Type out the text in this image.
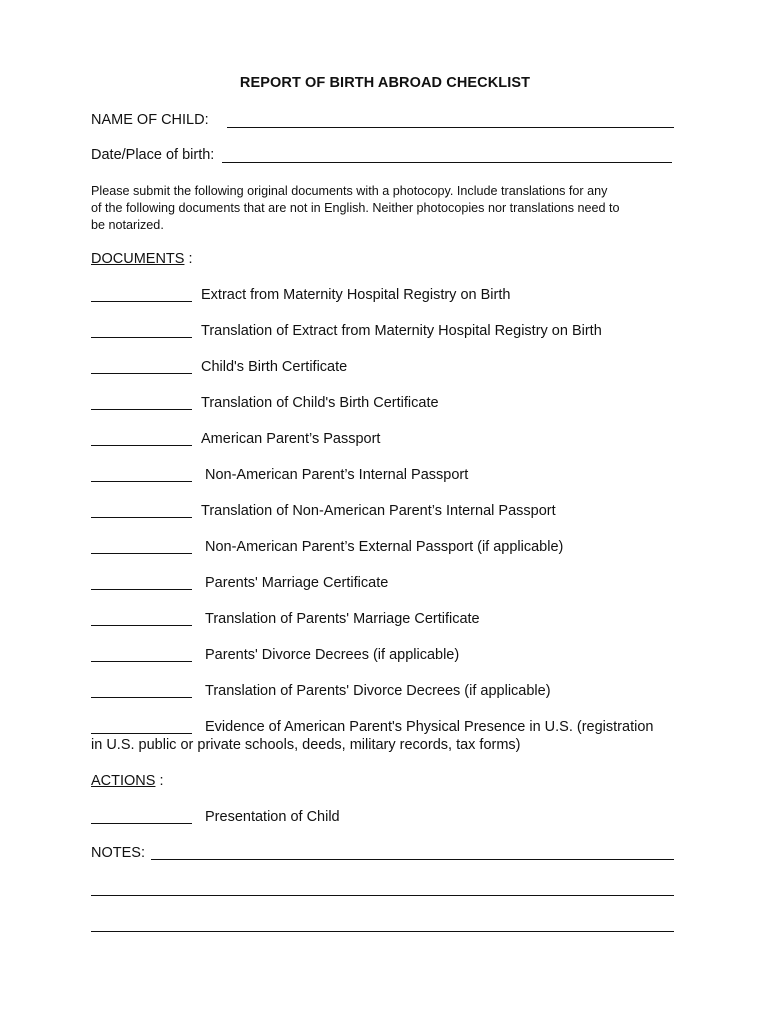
REPORT OF BIRTH ABROAD CHECKLIST
NAME OF CHILD:
Date/Place of birth:
Please submit the following original documents with a photocopy. Include translations for any
of the following documents that are not in English. Neither photocopies nor translations need to
be notarized.
DOCUMENTS :
Extract from Maternity Hospital Registry on Birth
Translation of Extract from Maternity Hospital Registry on Birth
Child's Birth Certificate
Translation of Child's Birth Certificate
American Parent’s Passport
Non-American Parent’s Internal Passport
Translation of Non-American Parent’s Internal Passport
Non-American Parent’s External Passport (if applicable)
Parents' Marriage Certificate
Translation of Parents' Marriage Certificate
Parents' Divorce Decrees (if applicable)
Translation of Parents' Divorce Decrees (if applicable)
Evidence of American Parent's Physical Presence in U.S. (registration
in U.S. public or private schools, deeds, military records, tax forms)
ACTIONS :
Presentation of Child
NOTES:
